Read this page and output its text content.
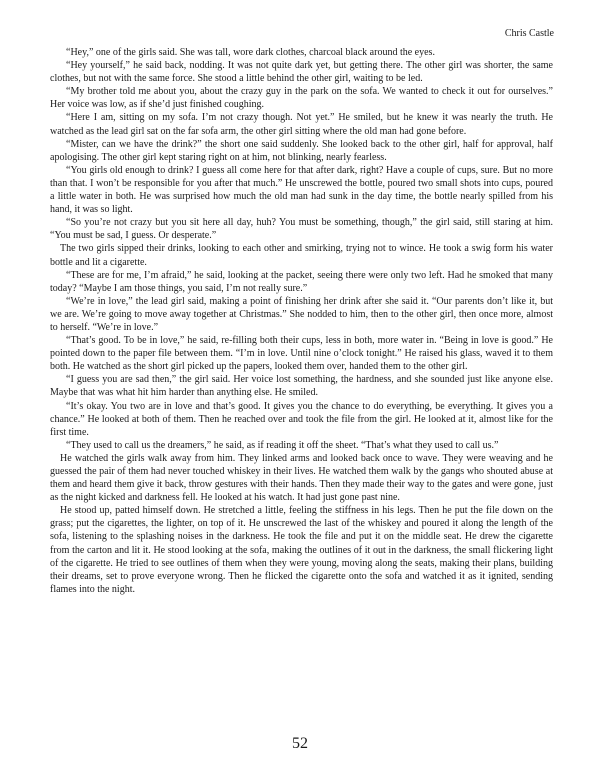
Chris Castle

“Hey,” one of the girls said. She was tall, wore dark clothes, charcoal black around the eyes.

“Hey yourself,” he said back, nodding. It was not quite dark yet, but getting there. The other girl was shorter, the same clothes, but not with the same force. She stood a little behind the other girl, waiting to be led.

“My brother told me about you, about the crazy guy in the park on the sofa. We wanted to check it out for ourselves.” Her voice was low, as if she’d just finished coughing.

“Here I am, sitting on my sofa. I’m not crazy though. Not yet.” He smiled, but he knew it was nearly the truth. He watched as the lead girl sat on the far sofa arm, the other girl sitting where the old man had gone before.

“Mister, can we have the drink?” the short one said suddenly. She looked back to the other girl, half for approval, half apologising. The other girl kept staring right on at him, not blinking, nearly fearless.

“You girls old enough to drink? I guess all come here for that after dark, right? Have a couple of cups, sure. But no more than that. I won’t be responsible for you after that much.” He unscrewed the bottle, poured two small shots into cups, poured a little water in both. He was surprised how much the old man had sunk in the day time, the bottle nearly spilled from his hand, it was so light.

“So you’re not crazy but you sit here all day, huh? You must be something, though,” the girl said, still staring at him. “You must be sad, I guess. Or desperate.”

The two girls sipped their drinks, looking to each other and smirking, trying not to wince. He took a swig form his water bottle and lit a cigarette.

“These are for me, I’m afraid,” he said, looking at the packet, seeing there were only two left. Had he smoked that many today? “Maybe I am those things, you said, I’m not really sure.”

“We’re in love,” the lead girl said, making a point of finishing her drink after she said it. “Our parents don’t like it, but we are. We’re going to move away together at Christmas.” She nodded to him, then to the other girl, then once more, almost to herself. “We’re in love.”

“That’s good. To be in love,” he said, re-filling both their cups, less in both, more water in. “Being in love is good.” He pointed down to the paper file between them. “I’m in love. Until nine o’clock tonight.” He raised his glass, waved it to them both. He watched as the short girl picked up the papers, looked them over, handed them to the other girl.

“I guess you are sad then,” the girl said. Her voice lost something, the hardness, and she sounded just like anyone else. Maybe that was what hit him harder than anything else. He smiled.

“It’s okay. You two are in love and that’s good. It gives you the chance to do everything, be everything. It gives you a chance.” He looked at both of them. Then he reached over and took the file from the girl. He looked at it, almost like for the first time.

“They used to call us the dreamers,” he said, as if reading it off the sheet. “That’s what they used to call us.”

He watched the girls walk away from him. They linked arms and looked back once to wave. They were weaving and he guessed the pair of them had never touched whiskey in their lives. He watched them walk by the gangs who shouted abuse at them and heard them give it back, throw gestures with their hands. Then they made their way to the gates and were gone, just as the night kicked and darkness fell. He looked at his watch. It had just gone past nine.

He stood up, patted himself down. He stretched a little, feeling the stiffness in his legs. Then he put the file down on the grass; put the cigarettes, the lighter, on top of it. He unscrewed the last of the whiskey and poured it along the length of the sofa, listening to the splashing noises in the darkness. He took the file and put it on the middle seat. He drew the cigarette from the carton and lit it. He stood looking at the sofa, making the outlines of it out in the darkness, the small flickering light of the cigarette. He tried to see outlines of them when they were young, moving along the seats, making their plans, building their dreams, set to prove everyone wrong. Then he flicked the cigarette onto the sofa and watched it as it ignited, sending flames into the night.

52
